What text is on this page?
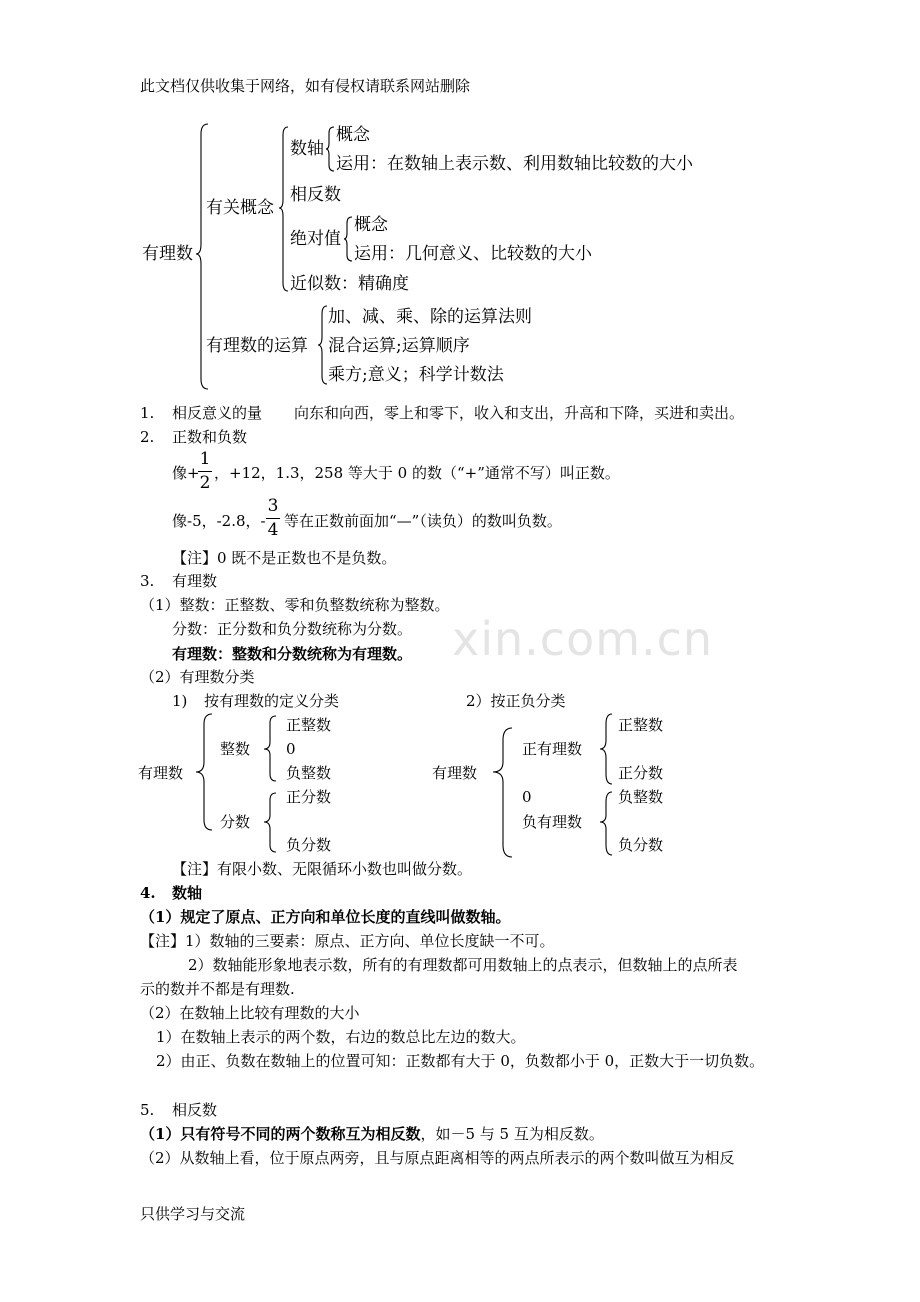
xin.com.cn
此文档仅供收集于网络，如有侵权请联系网站删除
有理数
有关概念
数轴
概念
运用：在数轴上表示数、利用数轴比较数的大小
相反数
绝对值
概念
运用：几何意义、比较数的大小
近似数：精确度
有理数的运算
加、减、乘、除的运算法则
混合运算;运算顺序
乘方;意义；科学计数法
1. 相反意义的量 向东和向西，零上和零下，收入和支出，升高和下降，买进和卖出。
2. 正数和负数
像+
1
2 ，+12，1.3，258 等大于 0 的数（“+”通常不写）叫正数。
像-5，-2.8，-
3
4 等在正数前面加“—”（读负）的数叫负数。
【注】0 既不是正数也不是负数。
3. 有理数
（1）整数：正整数、零和负整数统称为整数。
分数：正分数和负分数统称为分数。
有理数：整数和分数统称为有理数。
（2）有理数分类
1) 按有理数的定义分类	2）按正负分类
有理数
整数
正整数
0
负整数
分数
正分数
负分数
有理数
正有理数
正整数
正分数
0
负有理数
负整数
负分数
【注】有限小数、无限循环小数也叫做分数。
4. 数轴
（1）规定了原点、正方向和单位长度的直线叫做数轴。
【注】1）数轴的三要素：原点、正方向、单位长度缺一不可。
2）数轴能形象地表示数，所有的有理数都可用数轴上的点表示，但数轴上的点所表
示的数并不都是有理数.
（2）在数轴上比较有理数的大小
1）在数轴上表示的两个数，右边的数总比左边的数大。
2）由正、负数在数轴上的位置可知：正数都有大于 0，负数都小于 0，正数大于一切负数。
5. 相反数
（1）只有符号不同的两个数称互为相反数，如－5 与 5 互为相反数。
（2）从数轴上看，位于原点两旁，且与原点距离相等的两点所表示的两个数叫做互为相反
只供学习与交流
